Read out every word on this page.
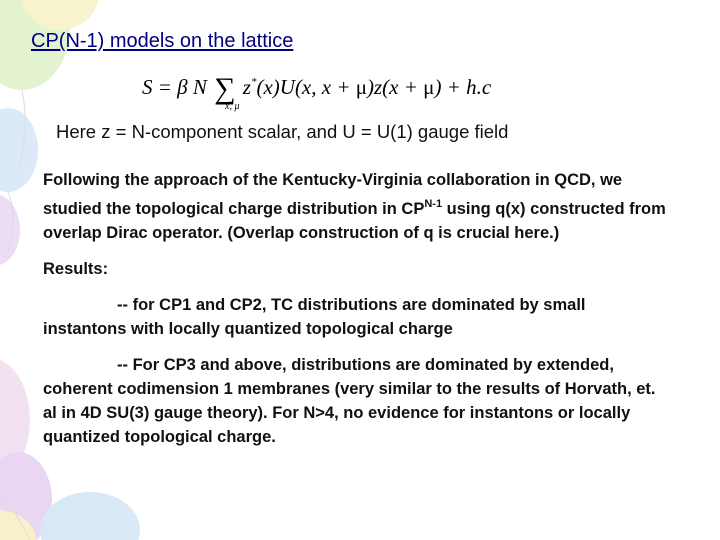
CP(N-1) models on the lattice
S = β N ∑
x, μ
z*(x)U(x, x + μ)z(x + μ) + h.c
Here z = N-component scalar, and U = U(1) gauge field

Following the approach of the Kentucky-Virginia collaboration in QCD, we studied the topological charge distribution in $CP^{N-1}$ using q(x) constructed from overlap Dirac operator. (Overlap construction of q is crucial here.)

Results:

-- for CP1 and CP2, TC distributions are dominated by small instantons with locally quantized topological charge

-- For CP3 and above, distributions are dominated by extended, coherent codimension 1 membranes (very similar to the results of Horvath, et. al in 4D SU(3) gauge theory). For N>4, no evidence for instantons or locally quantized topological charge.
